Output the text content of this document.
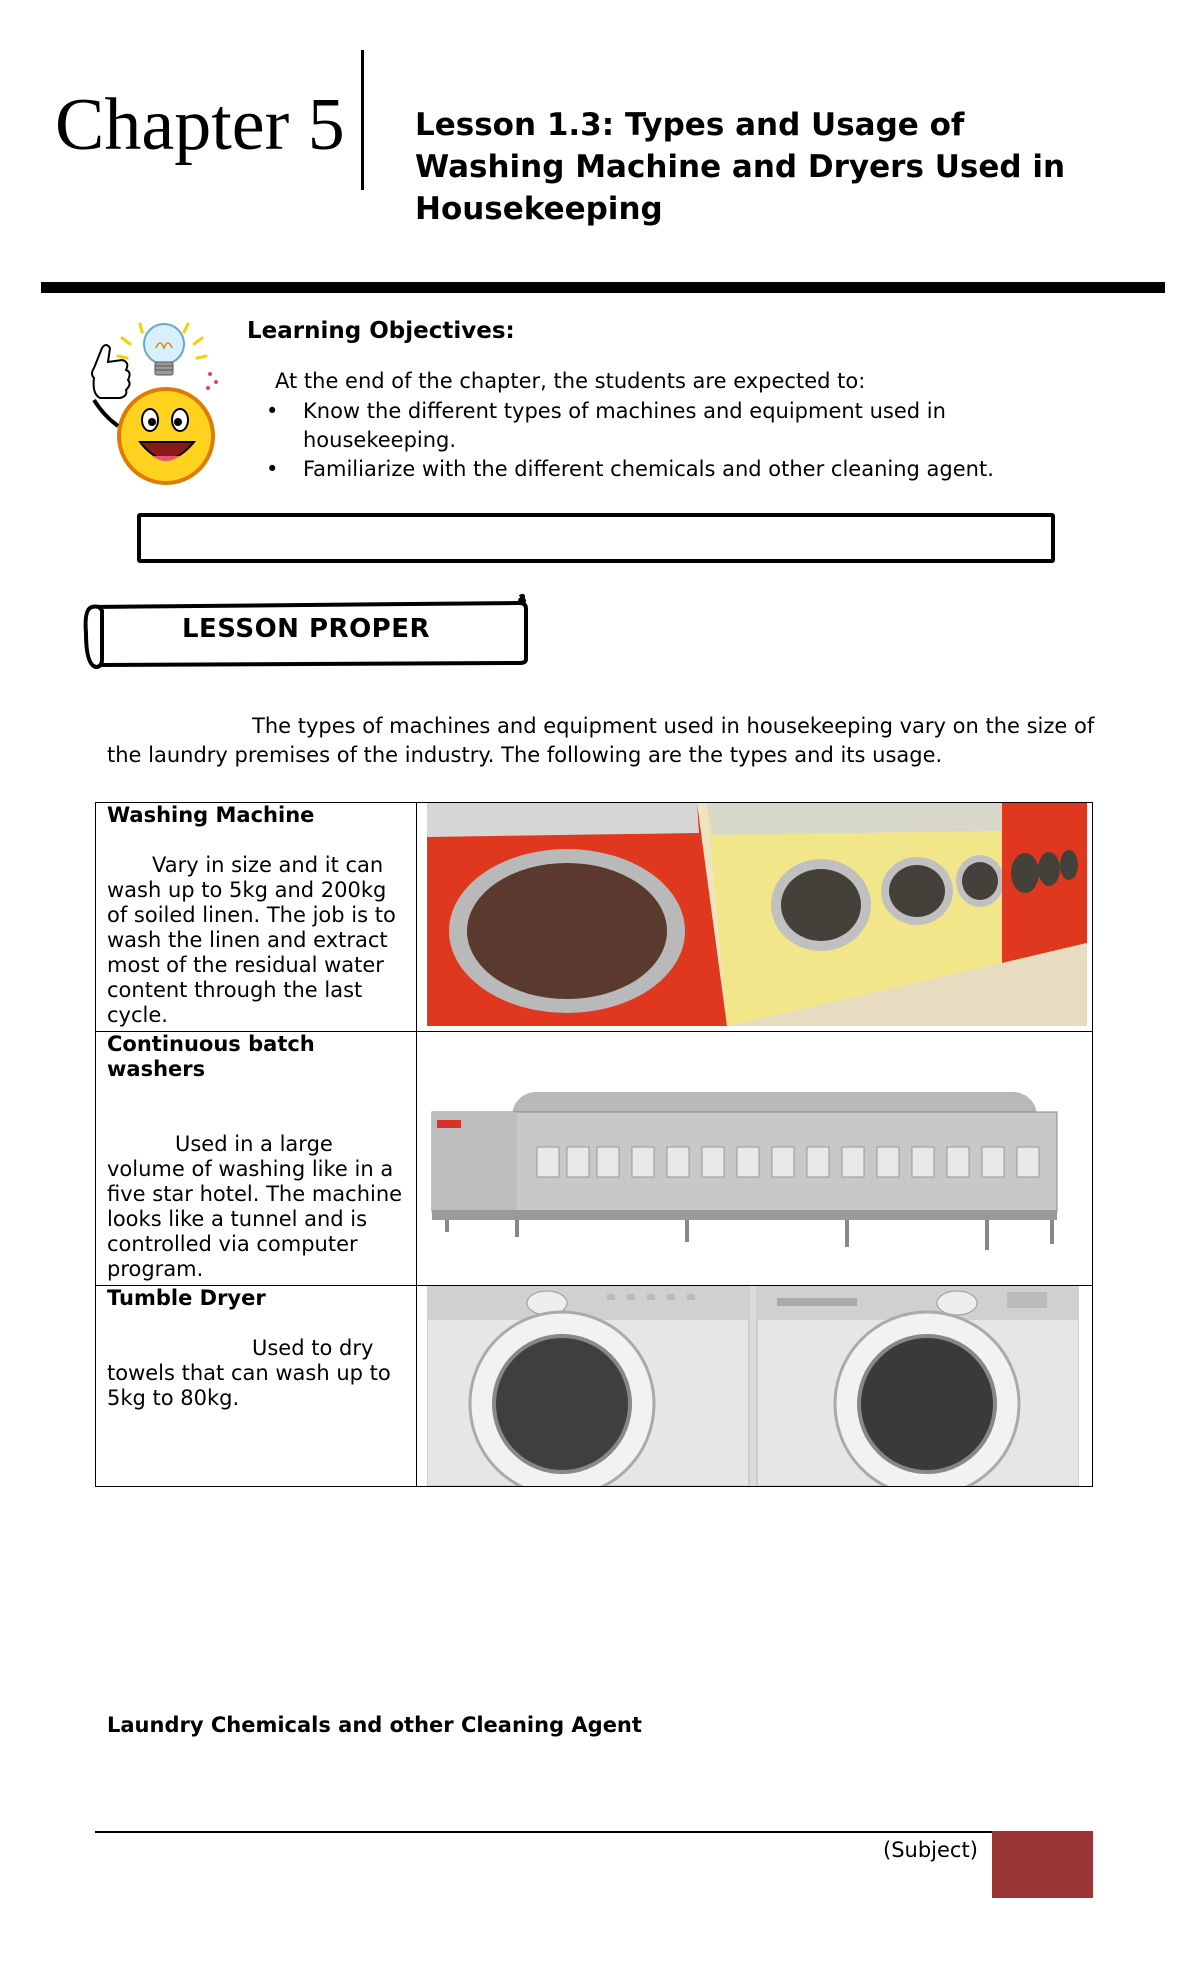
Chapter 5 Lesson 1.3: Types and Usage of Washing Machine and Dryers Used in Housekeeping
Learning Objectives:
At the end of the chapter, the students are expected to:
• Know the different types of machines and equipment used in housekeeping.
• Familiarize with the different chemicals and other cleaning agent.
LESSON PROPER
The types of machines and equipment used in housekeeping vary on the size of the laundry premises of the industry. The following are the types and its usage.
Washing Machine
Vary in size and it can wash up to 5kg and 200kg of soiled linen. The job is to wash the linen and extract most of the residual water content through the last cycle.

Continuous batch washers
Used in a large volume of washing like in a five star hotel. The machine looks like a tunnel and is controlled via computer program.

Tumble Dryer
Used to dry towels that can wash up to 5kg to 80kg.

Laundry Chemicals and other Cleaning Agent
(Subject)
